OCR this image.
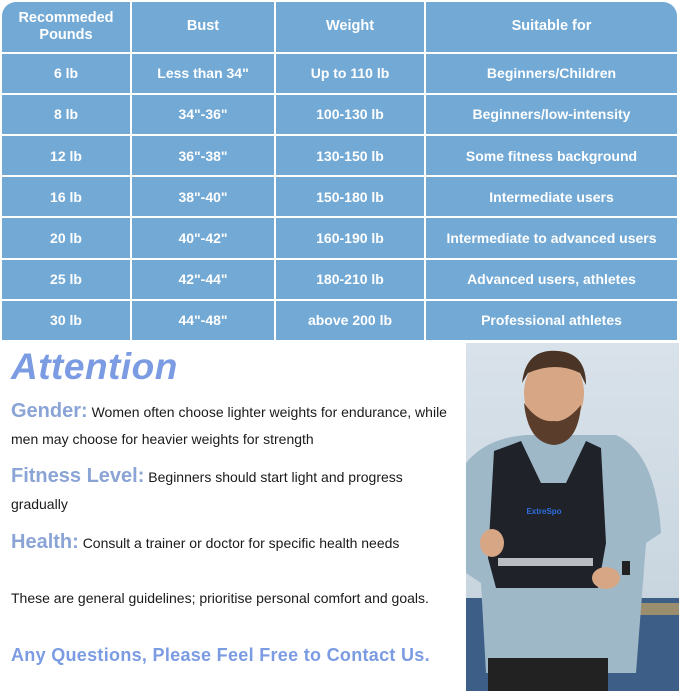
Recommeded
Pounds	Bust	Weight	Suitable for
6 lb	Less than 34"	Up to 110 lb	Beginners/Children
8 lb	34"-36"	100-130 lb	Beginners/low-intensity
12 lb	36"-38"	130-150 lb	Some fitness background
16 lb	38"-40"	150-180 lb	Intermediate users
20 lb	40"-42"	160-190 lb	Intermediate to advanced users
25 lb	42"-44"	180-210 lb	Advanced users, athletes
30 lb	44"-48"	above 200 lb	Professional athletes
Attention
Gender: Women often choose lighter weights for endurance, while men may choose for heavier weights for strength
Fitness Level: Beginners should start light and progress gradually
Health: Consult a trainer or doctor for specific health needs
These are general guidelines; prioritise personal comfort and goals.
Any Questions, Please Feel Free to Contact Us.
ExtreSpo
